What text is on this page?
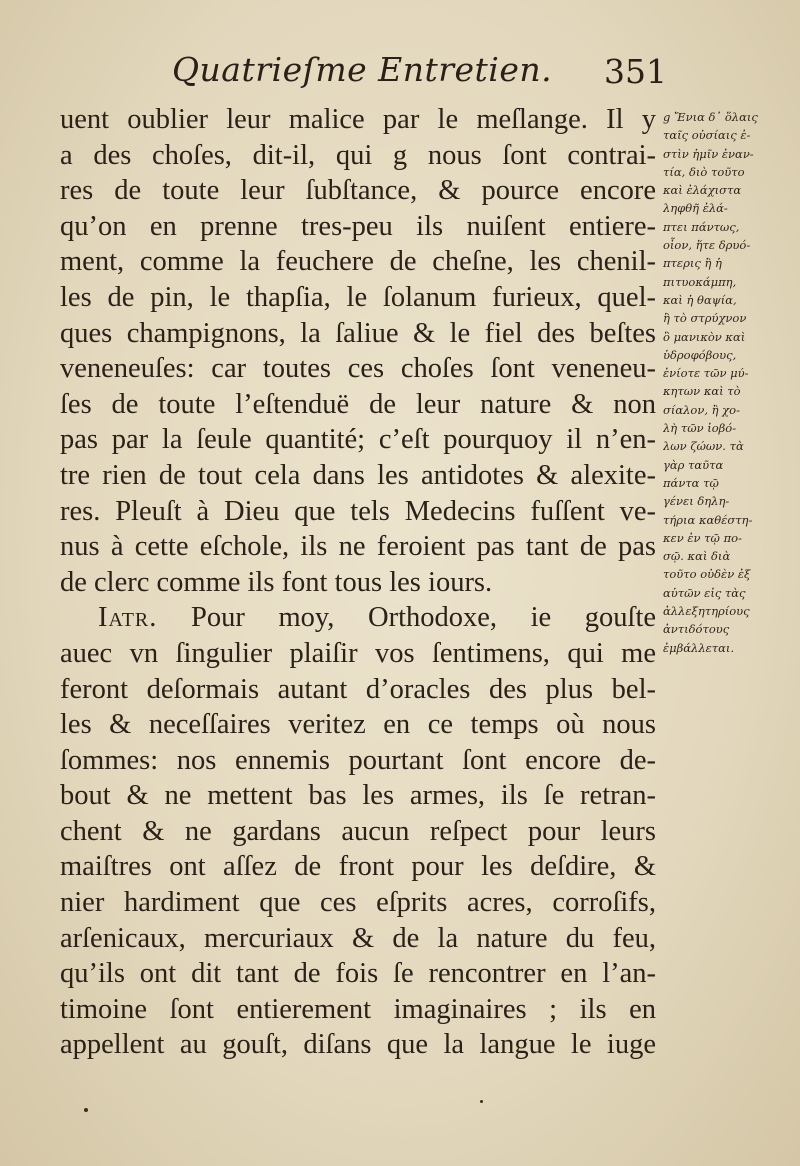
Quatrieſme Entretien. 351
uent oublier leur malice par le meſlange. Il y
a des choſes, dit-il, qui g nous ſont contrai-
res de toute leur ſubſtance, & pource encore
qu’on en prenne tres-peu ils nuiſent entiere-
ment, comme la feuchere de cheſne, les chenil-
les de pin, le thapſia, le ſolanum furieux, quel-
ques champignons, la ſaliue & le fiel des beſtes
veneneuſes: car toutes ces choſes ſont veneneu-
ſes de toute l’eſtenduë de leur nature & non
pas par la ſeule quantité; c’eſt pourquoy il n’en-
tre rien de tout cela dans les antidotes & alexite-
res. Pleuſt à Dieu que tels Medecins fuſſent ve-
nus à cette eſchole, ils ne feroient pas tant de pas
de clerc comme ils font tous les iours.
Iatr. Pour moy, Orthodoxe, ie gouſte
auec vn ſingulier plaiſir vos ſentimens, qui me
feront deſormais autant d’oracles des plus bel-
les & neceſſaires veritez en ce temps où nous
ſommes: nos ennemis pourtant ſont encore de-
bout & ne mettent bas les armes, ils ſe retran-
chent & ne gardans aucun reſpect pour leurs
maiſtres ont aſſez de front pour les deſdire, &
nier hardiment que ces eſprits acres, corroſifs,
arſenicaux, mercuriaux & de la nature du feu,
qu’ils ont dit tant de fois ſe rencontrer en l’an-
timoine ſont entierement imaginaires ; ils en
appellent au gouſt, diſans que la langue le iuge
g Ἔνια δ᾽ ὅλαις
ταῖς οὐσίαις ἐ-
στὶν ἡμῖν ἐναν-
τία, διὸ τοῦτο
καὶ ἐλάχιστα
ληφθῆ ἐλά-
πτει πάντως,
οἷον, ἥτε δρυό-
πτερις ἢ ἡ
πιτυοκάμπη,
καὶ ἡ θαψία,
ἢ τὸ στρύχνον
ὃ μανικὸν καὶ
ὑδροφόβους,
ἐνίοτε τῶν μύ-
κητων καὶ τὸ
σίαλον, ἢ χο-
λὴ τῶν ἰοβό-
λων ζώων. τὰ
γὰρ ταῦτα
πάντα τῷ
γένει δηλη-
τήρια καθέστη-
κεν ἐν τῷ πο-
σῷ. καὶ διὰ
τοῦτο οὐδὲν ἐξ
αὐτῶν εἰς τὰς
ἀλλεξητηρίους
ἀντιδότους
ἐμβάλλεται.
